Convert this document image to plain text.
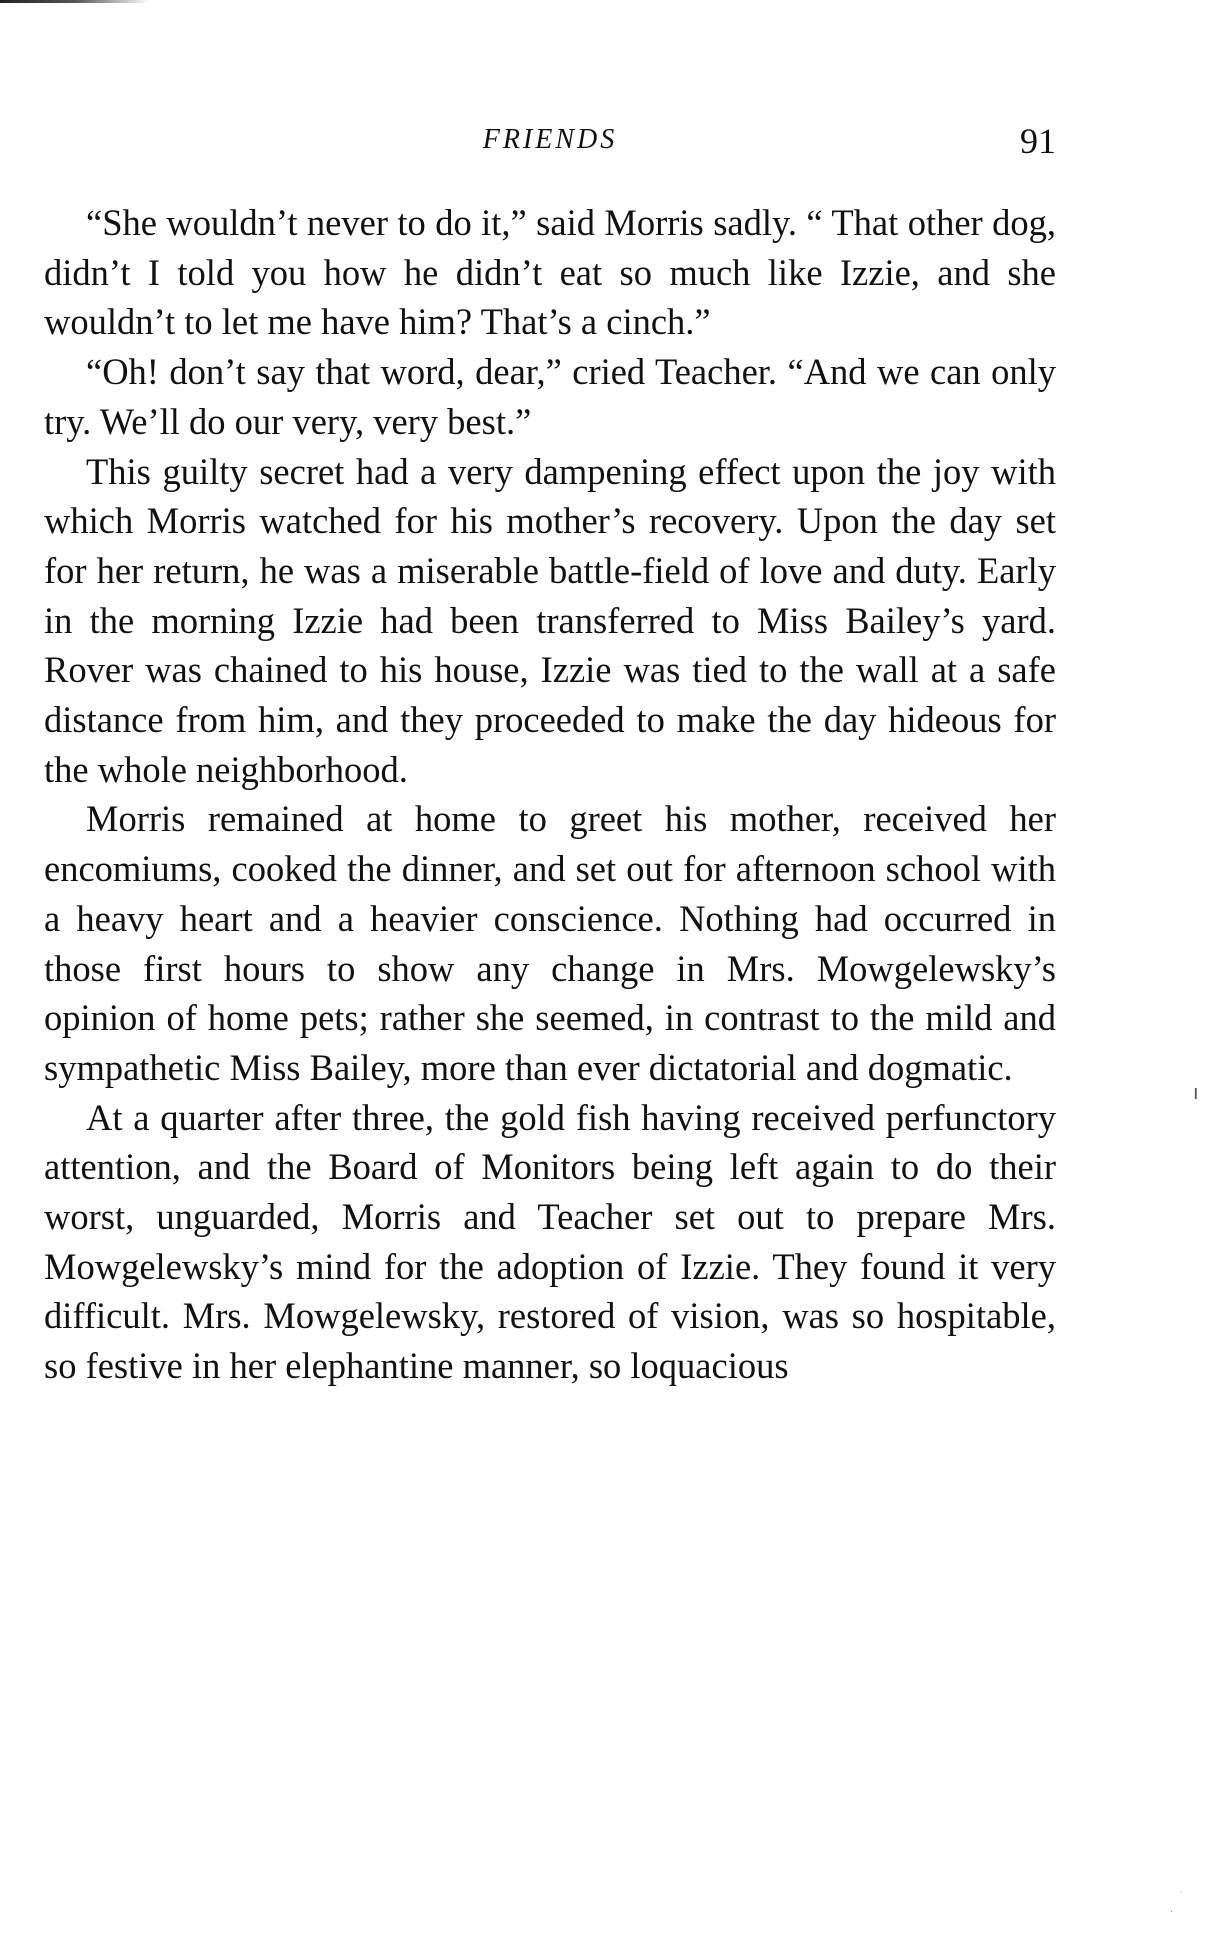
FRIENDS	91

“She wouldn’t never to do it,” said Morris sadly. “ That other dog, didn’t I told you how he didn’t eat so much like Izzie, and she wouldn’t to let me have him? That’s a cinch.”

“Oh! don’t say that word, dear,” cried Teacher. “And we can only try. We’ll do our very, very best.”

This guilty secret had a very dampening effect upon the joy with which Morris watched for his mother’s recovery. Upon the day set for her return, he was a miserable battle-field of love and duty. Early in the morning Izzie had been transferred to Miss Bailey’s yard. Rover was chained to his house, Izzie was tied to the wall at a safe distance from him, and they proceeded to make the day hideous for the whole neighborhood.

Morris remained at home to greet his mother, received her encomiums, cooked the dinner, and set out for afternoon school with a heavy heart and a heavier conscience. Nothing had occurred in those first hours to show any change in Mrs. Mowgelewsky’s opinion of home pets; rather she seemed, in contrast to the mild and sympathetic Miss Bailey, more than ever dictatorial and dogmatic.

At a quarter after three, the gold fish having received perfunctory attention, and the Board of Monitors being left again to do their worst, unguarded, Morris and Teacher set out to prepare Mrs. Mowgelewsky’s mind for the adoption of Izzie. They found it very difficult. Mrs. Mowgelewsky, restored of vision, was so hospitable, so festive in her elephantine manner, so loquacious

ı
·
·
